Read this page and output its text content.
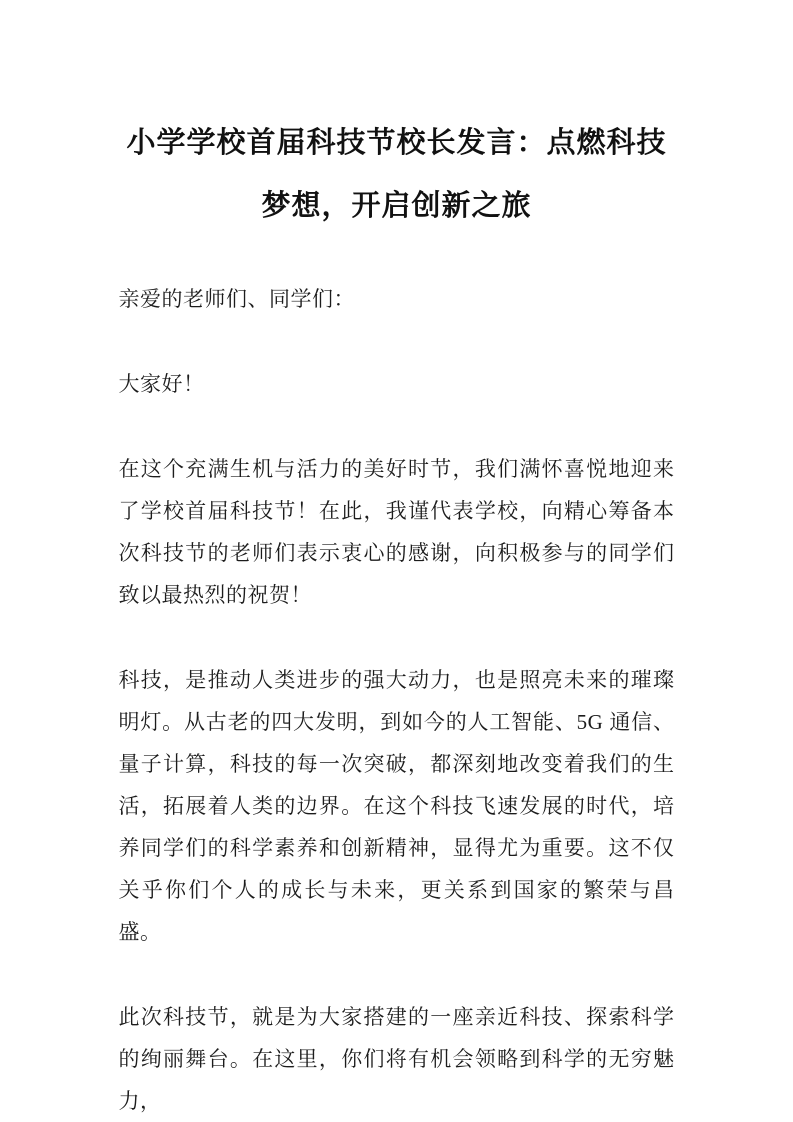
小学学校首届科技节校长发言：点燃科技梦想，开启创新之旅

亲爱的老师们、同学们：

大家好！

在这个充满生机与活力的美好时节，我们满怀喜悦地迎来了学校首届科技节！在此，我谨代表学校，向精心筹备本次科技节的老师们表示衷心的感谢，向积极参与的同学们致以最热烈的祝贺！

科技，是推动人类进步的强大动力，也是照亮未来的璀璨明灯。从古老的四大发明，到如今的人工智能、5G 通信、量子计算，科技的每一次突破，都深刻地改变着我们的生活，拓展着人类的边界。在这个科技飞速发展的时代，培养同学们的科学素养和创新精神，显得尤为重要。这不仅关乎你们个人的成长与未来，更关系到国家的繁荣与昌盛。

此次科技节，就是为大家搭建的一座亲近科技、探索科学的绚丽舞台。在这里，你们将有机会领略到科学的无穷魅力，
